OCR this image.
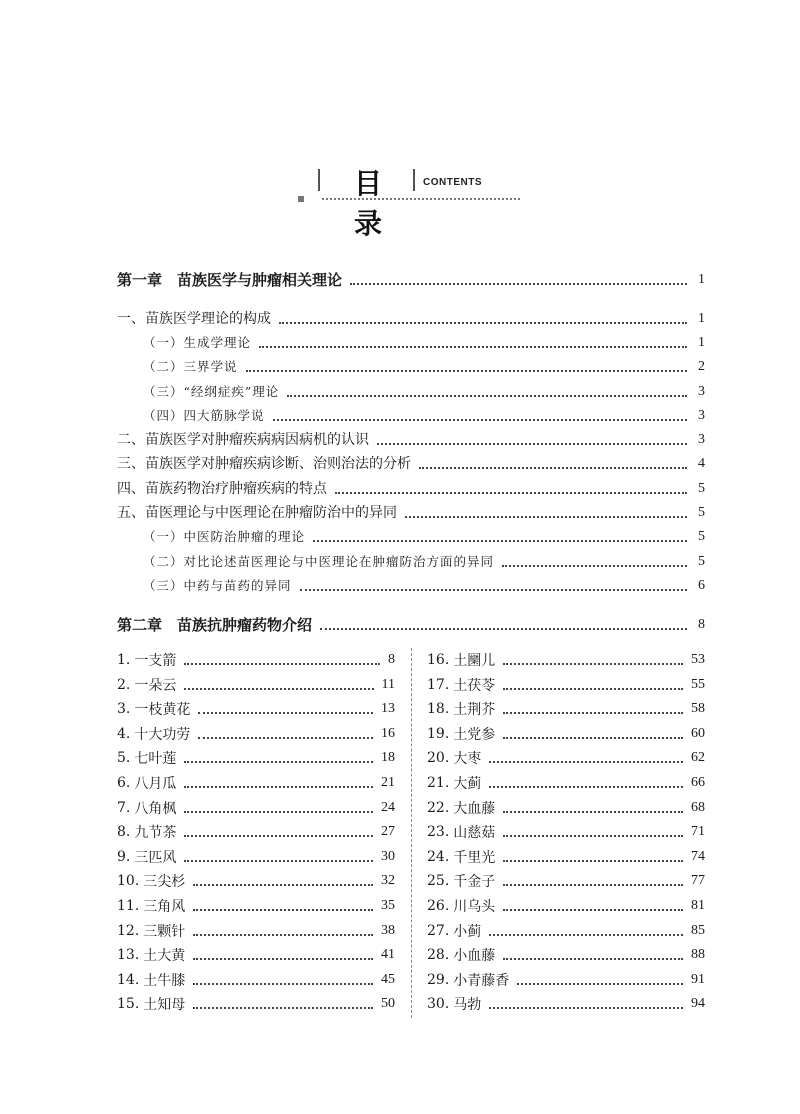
目 录
CONTENTS
第一章　苗族医学与肿瘤相关理论	1
一、苗族医学理论的构成	1
（一）生成学理论	1
（二）三界学说	2
（三）“经纲症疾”理论	3
（四）四大筋脉学说	3
二、苗族医学对肿瘤疾病病因病机的认识	3
三、苗族医学对肿瘤疾病诊断、治则治法的分析	4
四、苗族药物治疗肿瘤疾病的特点	5
五、苗医理论与中医理论在肿瘤防治中的异同	5
（一）中医防治肿瘤的理论	5
（二）对比论述苗医理论与中医理论在肿瘤防治方面的异同	5
（三）中药与苗药的异同	6
第二章　苗族抗肿瘤药物介绍	8
1. 一支箭	8
2. 一朵云	11
3. 一枝黄花	13
4. 十大功劳	16
5. 七叶莲	18
6. 八月瓜	21
7. 八角枫	24
8. 九节茶	27
9. 三匹风	30
10. 三尖杉	32
11. 三角风	35
12. 三颗针	38
13. 土大黄	41
14. 土牛膝	45
15. 土知母	50
16. 土圞儿	53
17. 土茯苓	55
18. 土荆芥	58
19. 土党参	60
20. 大枣	62
21. 大蓟	66
22. 大血藤	68
23. 山慈菇	71
24. 千里光	74
25. 千金子	77
26. 川乌头	81
27. 小蓟	85
28. 小血藤	88
29. 小青藤香	91
30. 马勃	94
